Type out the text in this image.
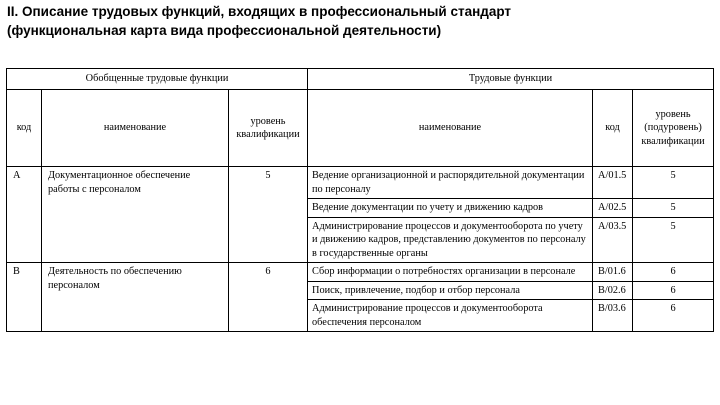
II. Описание трудовых функций, входящих в профессиональный стандарт
(функциональная карта вида профессиональной деятельности)
Обобщенные трудовые функции			Трудовые функции		
код	наименование	уровень квалификации	наименование	код	уровень (подуровень) квалификации
A	Документационное обеспечение работы с персоналом	5	Ведение организационной и распорядительной документации по персоналу	A/01.5	5
			Ведение документации по учету и движению кадров	A/02.5	5
			Администрирование процессов и документооборота по учету и движению кадров, представлению документов по персоналу в государственные органы	A/03.5	5
B	Деятельность по обеспечению персоналом	6	Сбор информации о потребностях организации в персонале	B/01.6	6
			Поиск, привлечение, подбор и отбор персонала	B/02.6	6
			Администрирование процессов и документооборота обеспечения персоналом	B/03.6	6
